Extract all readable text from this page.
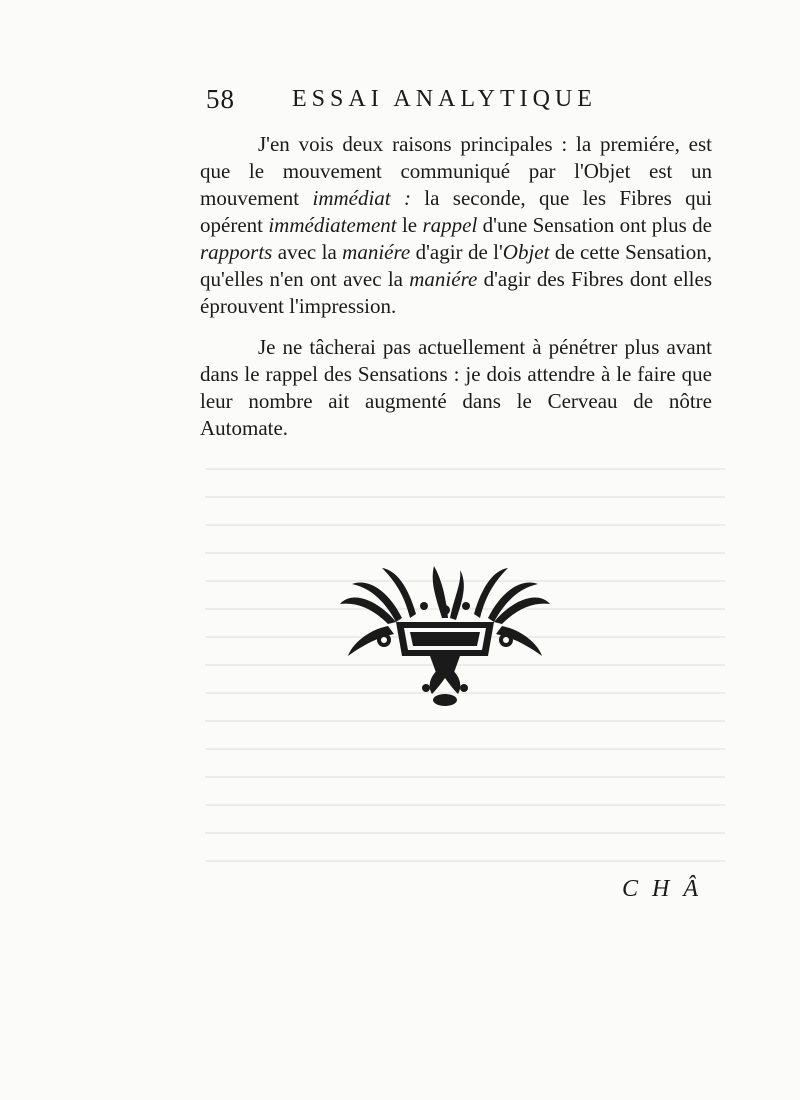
58 ESSAI ANALYTIQUE

J'en vois deux raisons principales : la premiére, est que le mouvement communiqué par l'Objet est un mouvement immédiat : la seconde, que les Fibres qui opérent immédiatement le rappel d'une Sensation ont plus de rapports avec la maniére d'agir de l'Objet de cette Sensation, qu'elles n'en ont avec la maniére d'agir des Fibres dont elles éprouvent l'impression.

Je ne tâcherai pas actuellement à pénétrer plus avant dans le rappel des Sensations : je dois attendre à le faire que leur nombre ait augmenté dans le Cerveau de nôtre Automate.

C H Â
